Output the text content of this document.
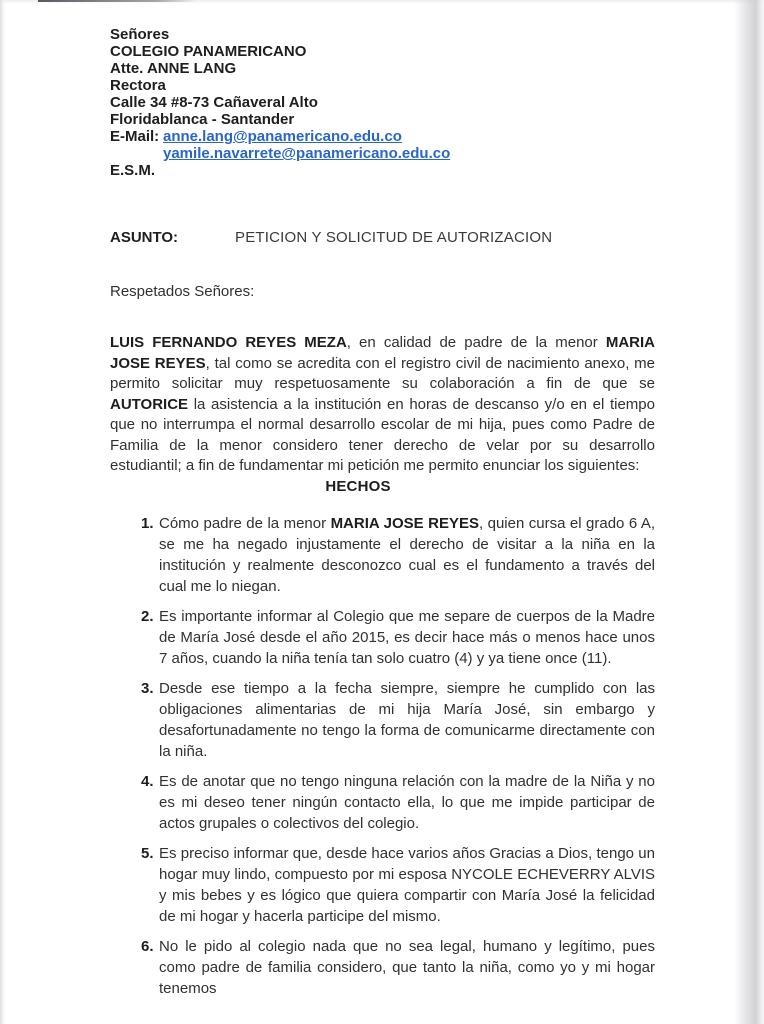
Señores
COLEGIO PANAMERICANO
Atte. ANNE LANG
Rectora
Calle 34 #8-73 Cañaveral Alto
Floridablanca - Santander
E-Mail: anne.lang@panamericano.edu.co
yamile.navarrete@panamericano.edu.co
E.S.M.
ASUNTO:	PETICION Y SOLICITUD DE AUTORIZACION
Respetados Señores:

LUIS FERNANDO REYES MEZA, en calidad de padre de la menor MARIA JOSE REYES, tal como se acredita con el registro civil de nacimiento anexo, me permito solicitar muy respetuosamente su colaboración a fin de que se AUTORICE la asistencia a la institución en horas de descanso y/o en el tiempo que no interrumpa el normal desarrollo escolar de mi hija, pues como Padre de Familia de la menor considero tener derecho de velar por su desarrollo estudiantil; a fin de fundamentar mi petición me permito enunciar los siguientes:

HECHOS
1. Cómo padre de la menor MARIA JOSE REYES, quien cursa el grado 6 A, se me ha negado injustamente el derecho de visitar a la niña en la institución y realmente desconozco cual es el fundamento a través del cual me lo niegan.

2. Es importante informar al Colegio que me separe de cuerpos de la Madre de María José desde el año 2015, es decir hace más o menos hace unos 7 años, cuando la niña tenía tan solo cuatro (4) y ya tiene once (11).

3. Desde ese tiempo a la fecha siempre, siempre he cumplido con las obligaciones alimentarias de mi hija María José, sin embargo y desafortunadamente no tengo la forma de comunicarme directamente con la niña.

4. Es de anotar que no tengo ninguna relación con la madre de la Niña y no es mi deseo tener ningún contacto ella, lo que me impide participar de actos grupales o colectivos del colegio.

5. Es preciso informar que, desde hace varios años Gracias a Dios, tengo un hogar muy lindo, compuesto por mi esposa NYCOLE ECHEVERRY ALVIS y mis bebes y es lógico que quiera compartir con María José la felicidad de mi hogar y hacerla participe del mismo.

6. No le pido al colegio nada que no sea legal, humano y legítimo, pues como padre de familia considero, que tanto la niña, como yo y mi hogar tenemos
